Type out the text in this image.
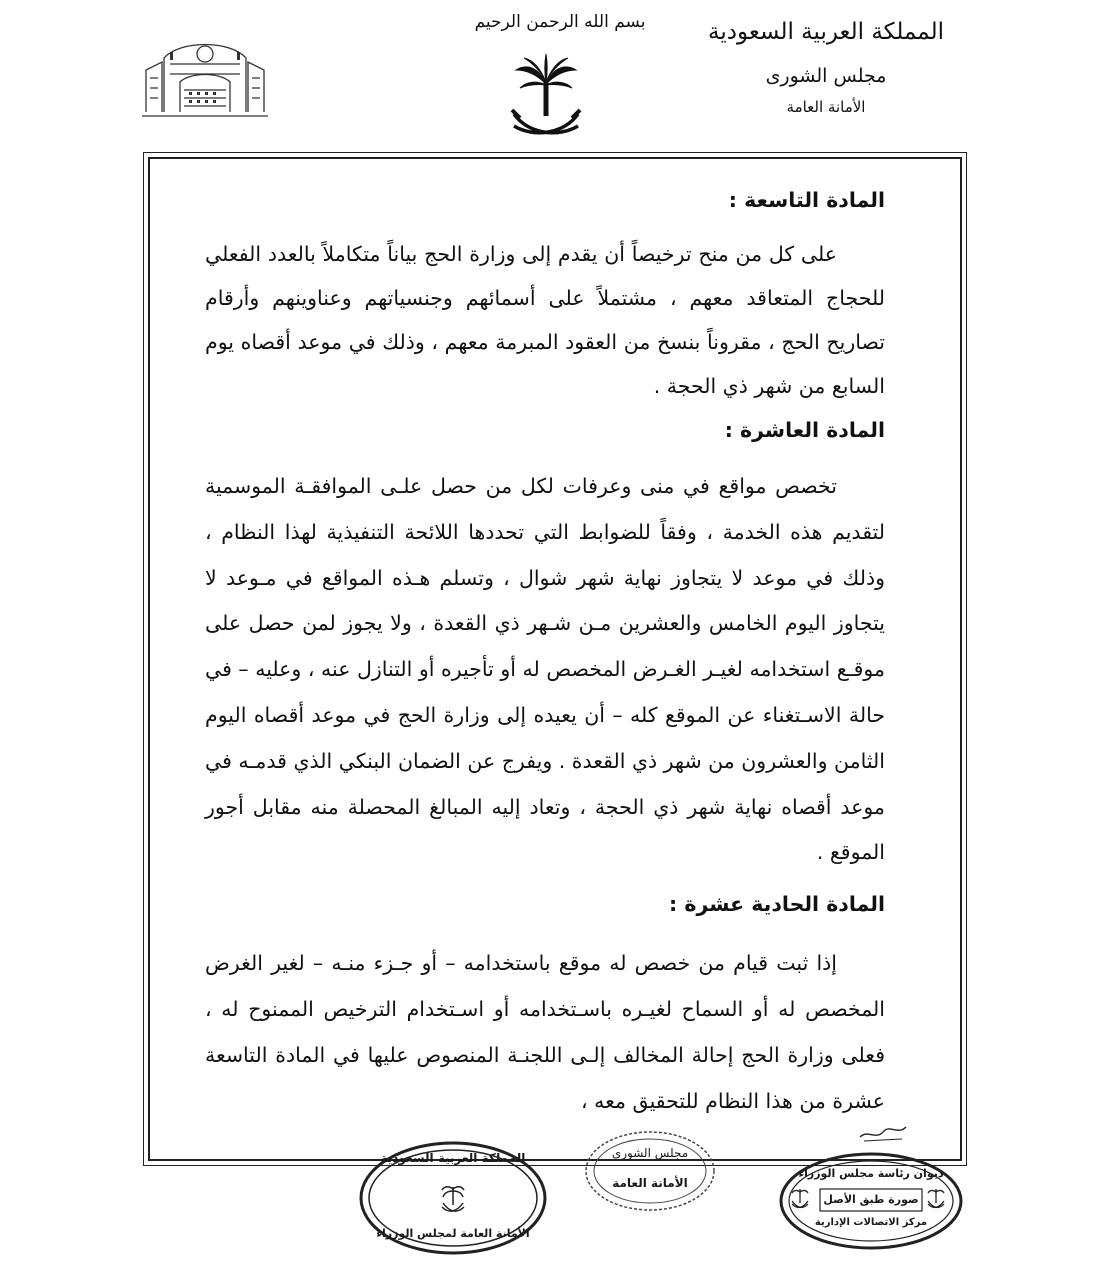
المملكة العربية السعودية
مجلس الشورى
الأمانة العامة
بسم الله الرحمن الرحيم
المادة التاسعة :

على كل من منح ترخيصاً أن يقدم إلى وزارة الحج بياناً متكاملاً بالعدد الفعلي للحجاج المتعاقد معهم ، مشتملاً على أسمائهم وجنسياتهم وعناوينهم وأرقام تصاريح الحج ، مقروناً بنسخ من العقود المبرمة معهم ، وذلك في موعد أقصاه يوم السابع من شهر ذي الحجة .

المادة العاشرة :

تخصص مواقع في منى وعرفات لكل من حصل علـى الموافقـة الموسمية لتقديم هذه الخدمة ، وفقاً للضوابط التي تحددها اللائحة التنفيذية لهذا النظام ، وذلك في موعد لا يتجاوز نهاية شهر شوال ، وتسلم هـذه المواقع في مـوعد لا يتجاوز اليوم الخامس والعشرين مـن شـهر ذي القعدة ، ولا يجوز لمن حصل على موقـع استخدامه لغيـر الغـرض المخصص له أو تأجيره أو التنازل عنه ، وعليه – في حالة الاسـتغناء عن الموقع كله – أن يعيده إلى وزارة الحج في موعد أقصاه اليوم الثامن والعشرون من شهر ذي القعدة . ويفرج عن الضمان البنكي الذي قدمـه في موعد أقصاه نهاية شهر ذي الحجة ، وتعاد إليه المبالغ المحصلة منه مقابل أجور الموقع .

المادة الحادية عشرة :

إذا ثبت قيام من خصص له موقع باستخدامه – أو جـزء منـه – لغير الغرض المخصص له أو السماح لغيـره باسـتخدامه أو اسـتخدام الترخيص الممنوح له ، فعلى وزارة الحج إحالة المخالف إلـى اللجنـة المنصوص عليها في المادة التاسعة عشرة من هذا النظام للتحقيق معه ،

المملكة العربية السعودية
الأمانة العامة لمجلس الوزراء
مجلس الشورى
الأمانة العامة
ديوان رئاسة مجلس الوزراء
صورة طبق الأصل
مركز الاتصالات الإدارية
